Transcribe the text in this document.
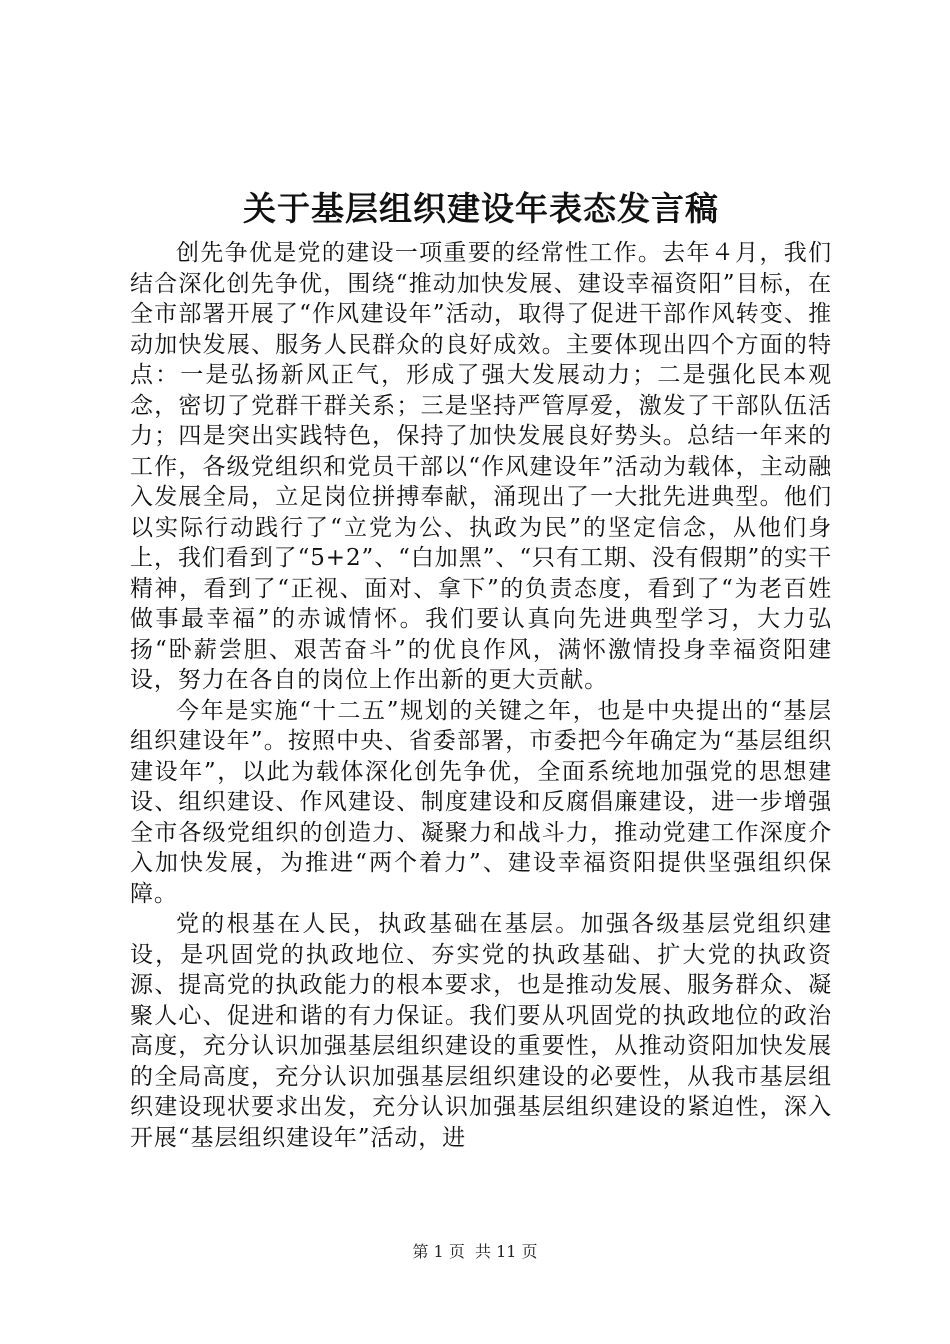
关于基层组织建设年表态发言稿

创先争优是党的建设一项重要的经常性工作。去年４月，我们结合深化创先争优，围绕“推动加快发展、建设幸福资阳”目标，在全市部署开展了“作风建设年”活动，取得了促进干部作风转变、推动加快发展、服务人民群众的良好成效。主要体现出四个方面的特点：一是弘扬新风正气，形成了强大发展动力；二是强化民本观念，密切了党群干群关系；三是坚持严管厚爱，激发了干部队伍活力；四是突出实践特色，保持了加快发展良好势头。总结一年来的工作，各级党组织和党员干部以“作风建设年”活动为载体，主动融入发展全局，立足岗位拼搏奉献，涌现出了一大批先进典型。他们以实际行动践行了“立党为公、执政为民”的坚定信念，从他们身上，我们看到了“5+2”、“白加黑”、“只有工期、没有假期”的实干精神，看到了“正视、面对、拿下”的负责态度，看到了“为老百姓做事最幸福”的赤诚情怀。我们要认真向先进典型学习，大力弘扬“卧薪尝胆、艰苦奋斗”的优良作风，满怀激情投身幸福资阳建设，努力在各自的岗位上作出新的更大贡献。

今年是实施“十二五”规划的关键之年，也是中央提出的“基层组织建设年”。按照中央、省委部署，市委把今年确定为“基层组织建设年”，以此为载体深化创先争优，全面系统地加强党的思想建设、组织建设、作风建设、制度建设和反腐倡廉建设，进一步增强全市各级党组织的创造力、凝聚力和战斗力，推动党建工作深度介入加快发展，为推进“两个着力”、建设幸福资阳提供坚强组织保障。

党的根基在人民，执政基础在基层。加强各级基层党组织建设，是巩固党的执政地位、夯实党的执政基础、扩大党的执政资源、提高党的执政能力的根本要求，也是推动发展、服务群众、凝聚人心、促进和谐的有力保证。我们要从巩固党的执政地位的政治高度，充分认识加强基层组织建设的重要性，从推动资阳加快发展的全局高度，充分认识加强基层组织建设的必要性，从我市基层组织建设现状要求出发，充分认识加强基层组织建设的紧迫性，深入开展“基层组织建设年”活动，进

第 1 页  共 11 页
